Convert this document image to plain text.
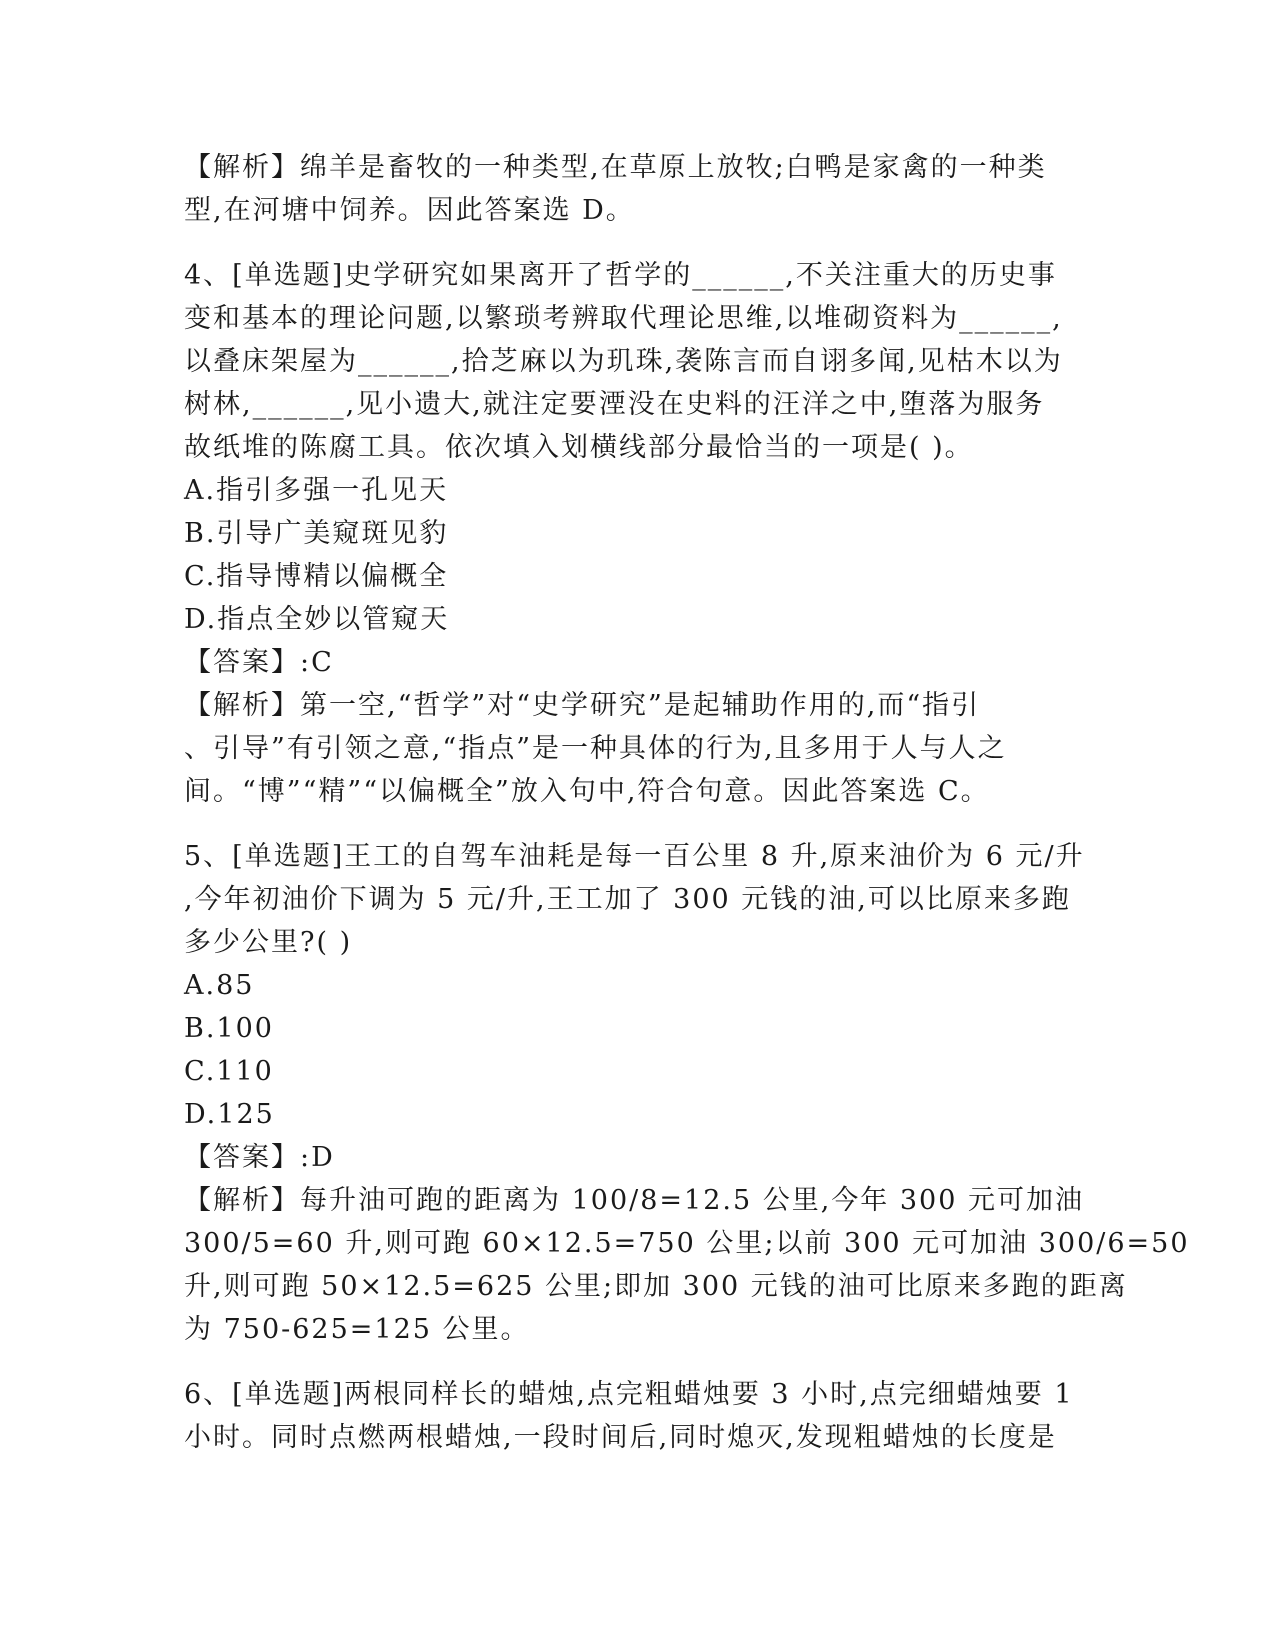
【解析】绵羊是畜牧的一种类型,在草原上放牧;白鸭是家禽的一种类

型,在河塘中饲养。因此答案选 D。

4、[单选题]史学研究如果离开了哲学的______,不关注重大的历史事

变和基本的理论问题,以繁琐考辨取代理论思维,以堆砌资料为______,

以叠床架屋为______,拾芝麻以为玑珠,袭陈言而自诩多闻,见枯木以为

树林,______,见小遗大,就注定要湮没在史料的汪洋之中,堕落为服务

故纸堆的陈腐工具。依次填入划横线部分最恰当的一项是( )。

A.指引多强一孔见天

B.引导广美窥斑见豹

C.指导博精以偏概全

D.指点全妙以管窥天

【答案】:C

【解析】第一空,“哲学”对“史学研究”是起辅助作用的,而“指引

、引导”有引领之意,“指点”是一种具体的行为,且多用于人与人之

间。“博”“精”“以偏概全”放入句中,符合句意。因此答案选 C。

5、[单选题]王工的自驾车油耗是每一百公里 8 升,原来油价为 6 元/升

,今年初油价下调为 5 元/升,王工加了 300 元钱的油,可以比原来多跑

多少公里?( )

A.85

B.100

C.110

D.125

【答案】:D

【解析】每升油可跑的距离为 100/8=12.5 公里,今年 300 元可加油

300/5=60 升,则可跑 60×12.5=750 公里;以前 300 元可加油 300/6=50

升,则可跑 50×12.5=625 公里;即加 300 元钱的油可比原来多跑的距离

为 750-625=125 公里。

6、[单选题]两根同样长的蜡烛,点完粗蜡烛要 3 小时,点完细蜡烛要 1

小时。同时点燃两根蜡烛,一段时间后,同时熄灭,发现粗蜡烛的长度是
